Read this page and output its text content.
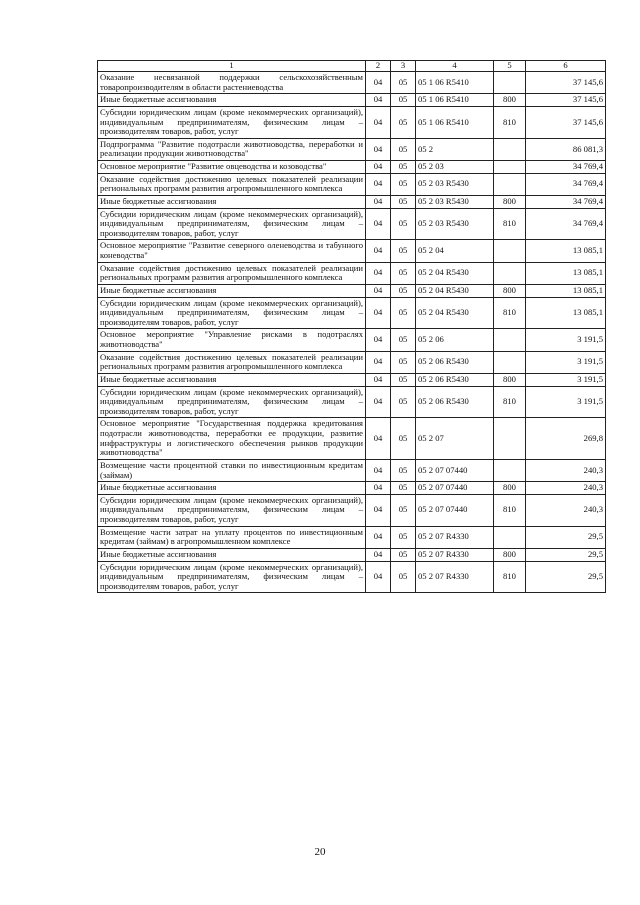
1	2	3	4	5	6
Оказание несвязанной поддержки сельскохозяйственным товаропроизводителям в области растениеводства	04	05	05 1 06 R5410		37 145,6
Иные бюджетные ассигнования	04	05	05 1 06 R5410	800	37 145,6
Субсидии юридическим лицам (кроме некоммерческих организаций), индивидуальным предпринимателям, физическим лицам – производителям товаров, работ, услуг	04	05	05 1 06 R5410	810	37 145,6
Подпрограмма "Развитие подотрасли животноводства, переработки и реализации продукции животноводства"	04	05	05 2		86 081,3
Основное мероприятие "Развитие овцеводства и козоводства"	04	05	05 2 03		34 769,4
Оказание содействия достижению целевых показателей реализации региональных программ развития агропромышленного комплекса	04	05	05 2 03 R5430		34 769,4
Иные бюджетные ассигнования	04	05	05 2 03 R5430	800	34 769,4
Субсидии юридическим лицам (кроме некоммерческих организаций), индивидуальным предпринимателям, физическим лицам – производителям товаров, работ, услуг	04	05	05 2 03 R5430	810	34 769,4
Основное мероприятие "Развитие северного оленеводства и табунного коневодства"	04	05	05 2 04		13 085,1
Оказание содействия достижению целевых показателей реализации региональных программ развития агропромышленного комплекса	04	05	05 2 04 R5430		13 085,1
Иные бюджетные ассигнования	04	05	05 2 04 R5430	800	13 085,1
Субсидии юридическим лицам (кроме некоммерческих организаций), индивидуальным предпринимателям, физическим лицам – производителям товаров, работ, услуг	04	05	05 2 04 R5430	810	13 085,1
Основное мероприятие "Управление рисками в подотраслях животноводства"	04	05	05 2 06		3 191,5
Оказание содействия достижению целевых показателей реализации региональных программ развития агропромышленного комплекса	04	05	05 2 06 R5430		3 191,5
Иные бюджетные ассигнования	04	05	05 2 06 R5430	800	3 191,5
Субсидии юридическим лицам (кроме некоммерческих организаций), индивидуальным предпринимателям, физическим лицам – производителям товаров, работ, услуг	04	05	05 2 06 R5430	810	3 191,5
Основное мероприятие "Государственная поддержка кредитования подотрасли животноводства, переработки ее продукции, развитие инфраструктуры и логистического обеспечения рынков продукции животноводства"	04	05	05 2 07		269,8
Возмещение части процентной ставки по инвестиционным кредитам (займам)	04	05	05 2 07 07440		240,3
Иные бюджетные ассигнования	04	05	05 2 07 07440	800	240,3
Субсидии юридическим лицам (кроме некоммерческих организаций), индивидуальным предпринимателям, физическим лицам – производителям товаров, работ, услуг	04	05	05 2 07 07440	810	240,3
Возмещение части затрат на уплату процентов по инвестиционным кредитам (займам) в агропромышленном комплексе	04	05	05 2 07 R4330		29,5
Иные бюджетные ассигнования	04	05	05 2 07 R4330	800	29,5
Субсидии юридическим лицам (кроме некоммерческих организаций), индивидуальным предпринимателям, физическим лицам – производителям товаров, работ, услуг	04	05	05 2 07 R4330	810	29,5
20
